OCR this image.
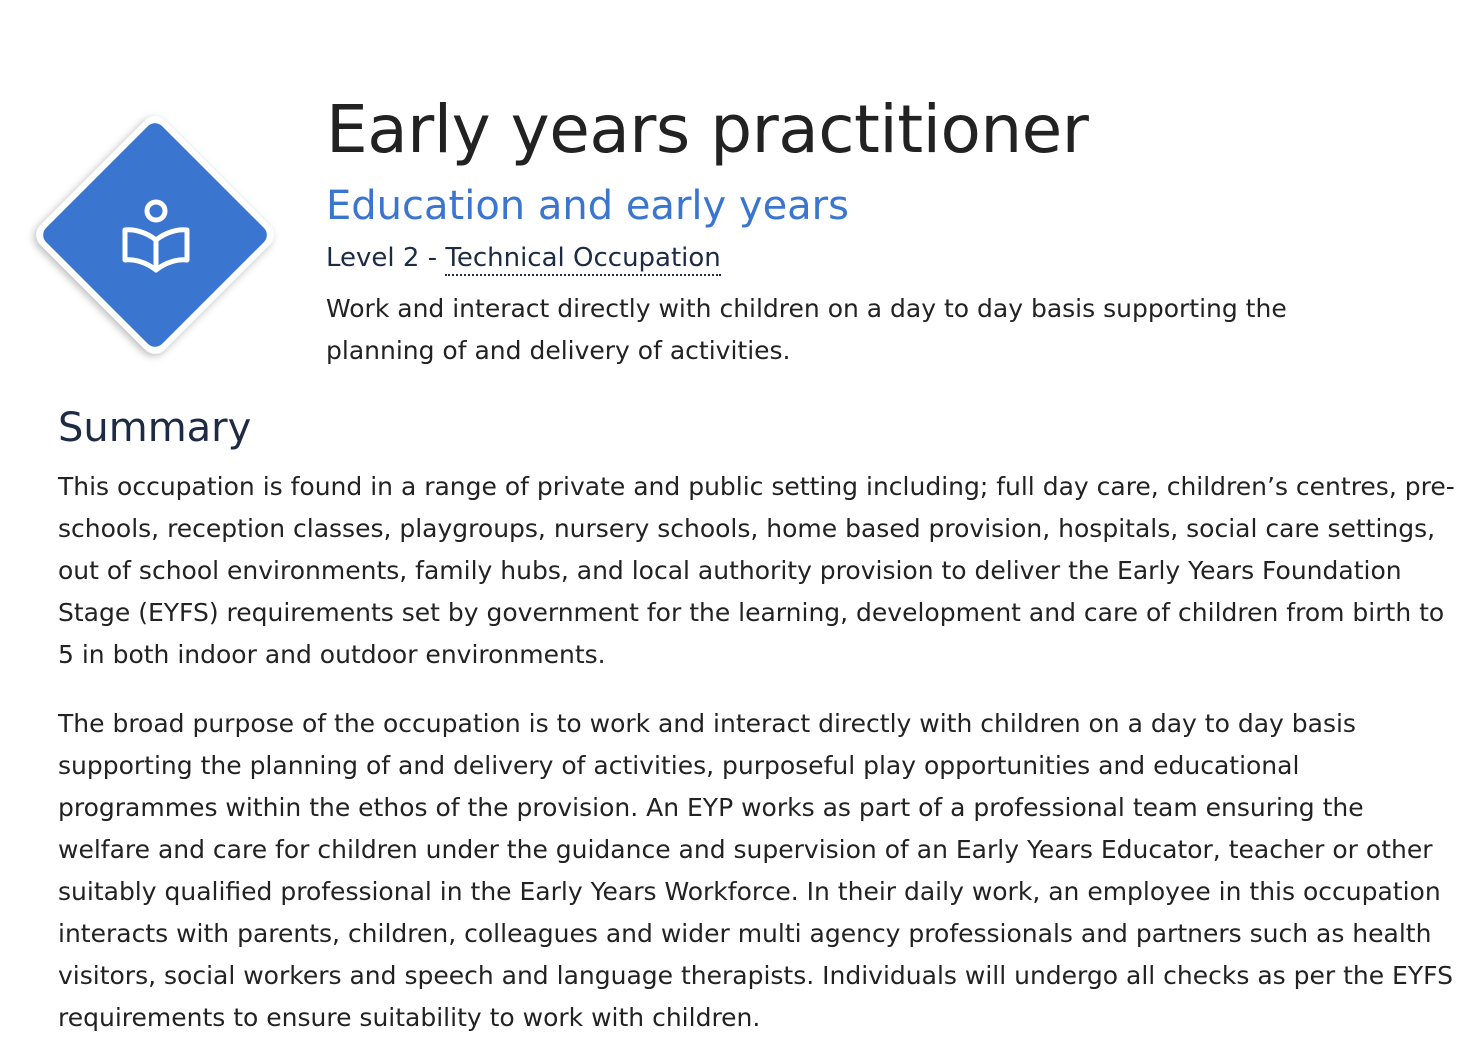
Early years practitioner
Education and early years
Level 2 - Technical Occupation

Work and interact directly with children on a day to day basis supporting the planning of and delivery of activities.

Summary

This occupation is found in a range of private and public setting including; full day care, children’s centres, pre-schools, reception classes, playgroups, nursery schools, home based provision, hospitals, social care settings, out of school environments, family hubs, and local authority provision to deliver the Early Years Foundation Stage (EYFS) requirements set by government for the learning, development and care of children from birth to 5 in both indoor and outdoor environments.

The broad purpose of the occupation is to work and interact directly with children on a day to day basis supporting the planning of and delivery of activities, purposeful play opportunities and educational programmes within the ethos of the provision. An EYP works as part of a professional team ensuring the welfare and care for children under the guidance and supervision of an Early Years Educator, teacher or other suitably qualified professional in the Early Years Workforce. In their daily work, an employee in this occupation interacts with parents, children, colleagues and wider multi agency professionals and partners such as health visitors, social workers and speech and language therapists. Individuals will undergo all checks as per the EYFS requirements to ensure suitability to work with children.
